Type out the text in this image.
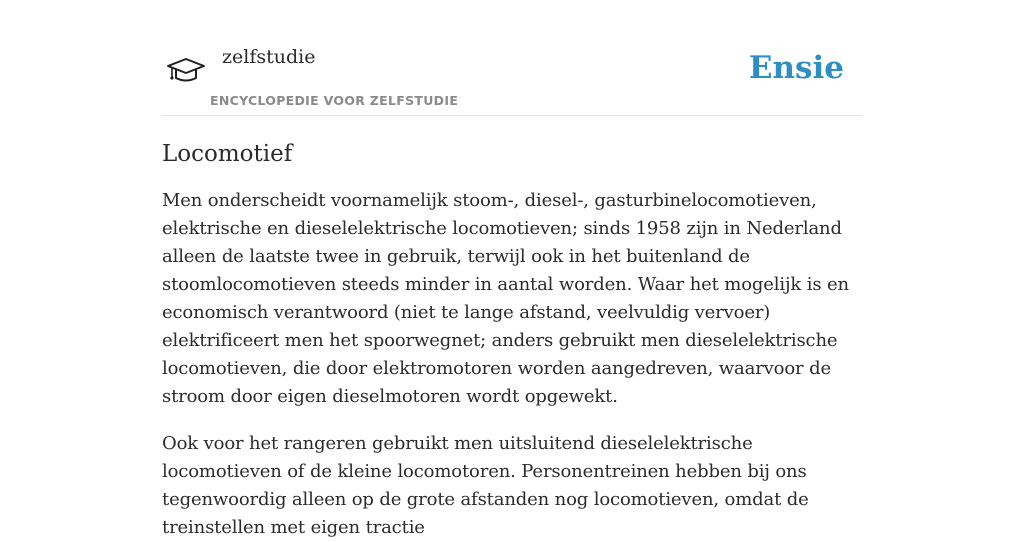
zelfstudie
ENCYCLOPEDIE VOOR ZELFSTUDIE
Ensie
Locomotief

Men onderscheidt voornamelijk stoom-, diesel-, gasturbinelocomotieven, elektrische en dieselelektrische locomotieven; sinds 1958 zijn in Nederland alleen de laatste twee in gebruik, terwijl ook in het buitenland de stoomlocomotieven steeds minder in aantal worden. Waar het mogelijk is en economisch verantwoord (niet te lange afstand, veelvuldig vervoer) elektrificeert men het spoorwegnet; anders gebruikt men dieselelektrische locomotieven, die door elektromotoren worden aangedreven, waarvoor de stroom door eigen dieselmotoren wordt opgewekt.

Ook voor het rangeren gebruikt men uitsluitend dieselelektrische locomotieven of de kleine locomotoren. Personentreinen hebben bij ons tegenwoordig alleen op de grote afstanden nog locomotieven, omdat de treinstellen met eigen tractie
